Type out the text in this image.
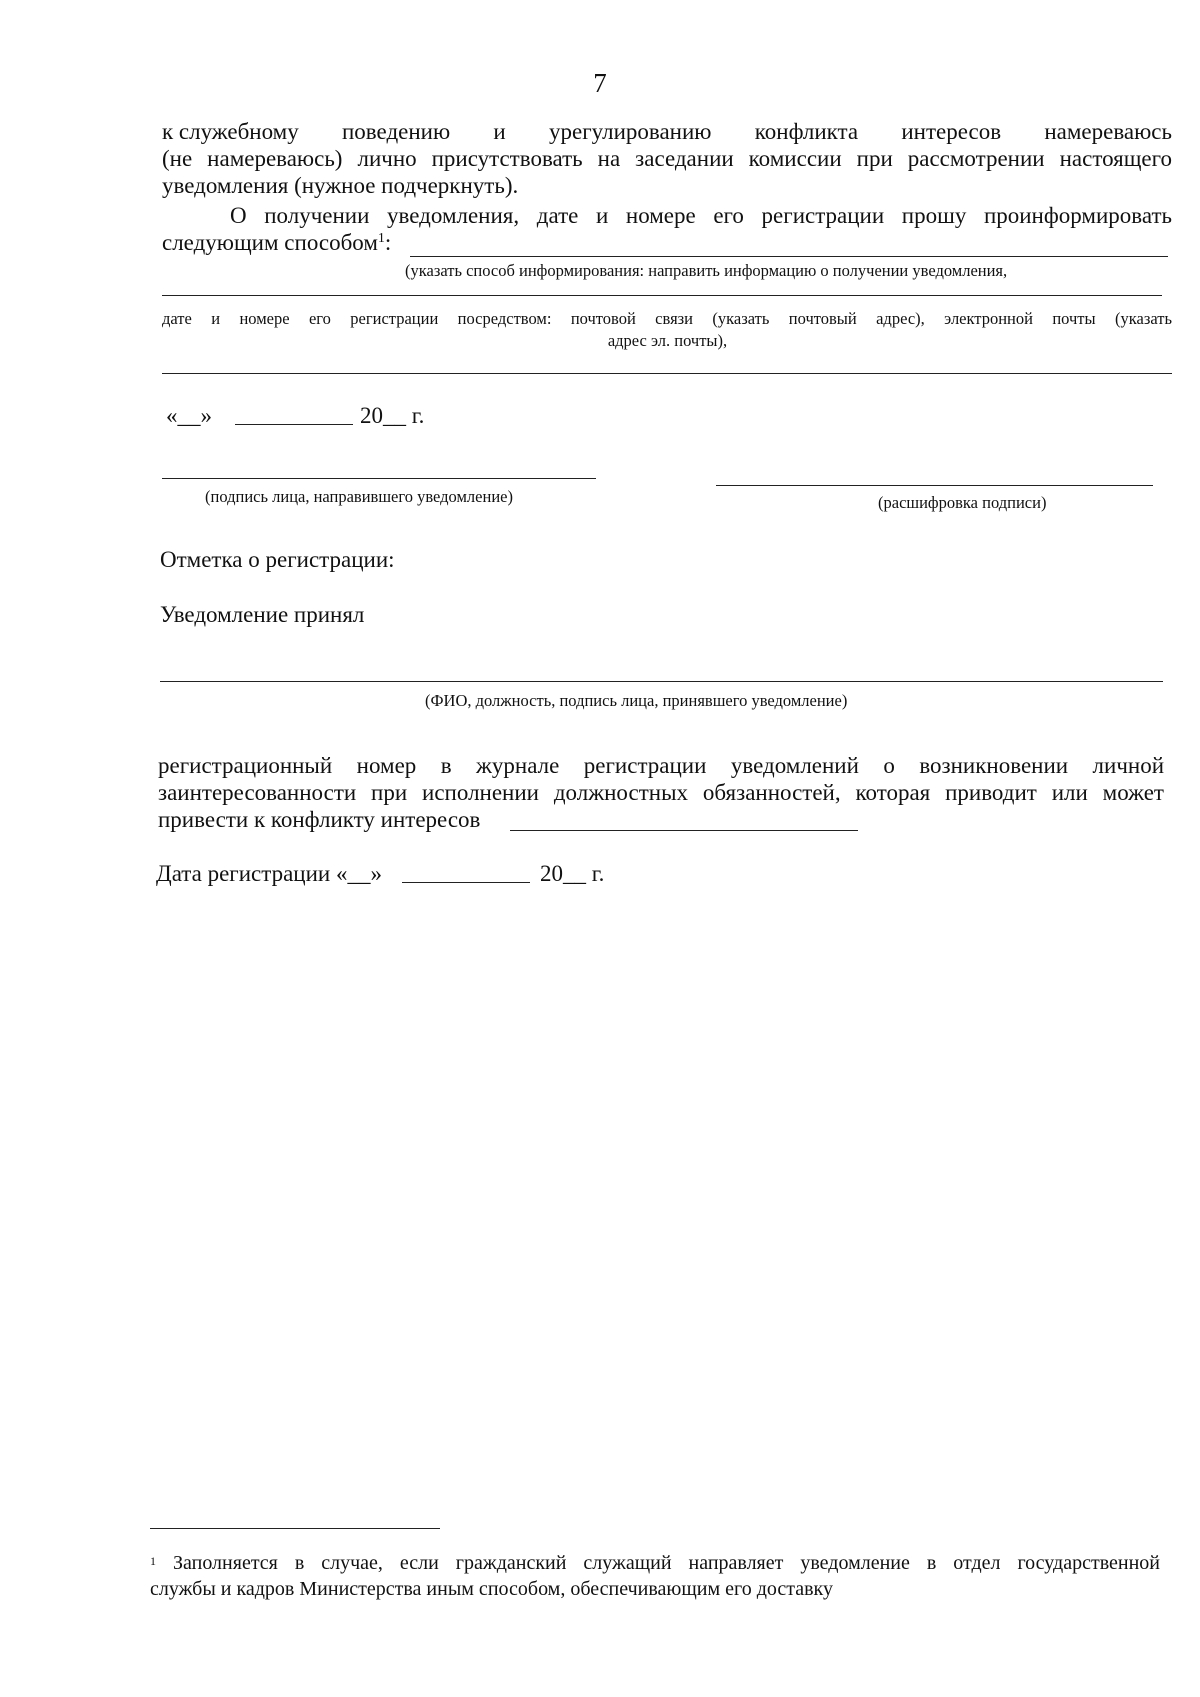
7
к служебному поведению и урегулированию конфликта интересов намереваюсь
(не намереваюсь) лично присутствовать на заседании комиссии при рассмотрении настоящего
уведомления (нужное подчеркнуть).
О получении уведомления, дате и номере его регистрации прошу проинформировать
следующим способом$^1$:
(указать способ информирования: направить информацию о получении уведомления,
дате и номере его регистрации посредством: почтовой связи (указать почтовый адрес), электронной почты (указать
адрес эл. почты),
«__»	20__ г.
(подпись лица, направившего уведомление)	(расшифровка подписи)
Отметка о регистрации:
Уведомление принял
(ФИО, должность, подпись лица, принявшего уведомление)
регистрационный номер в журнале регистрации уведомлений о возникновении личной
заинтересованности при исполнении должностных обязанностей, которая приводит или может
привести к конфликту интересов
Дата регистрации «__»	20__ г.
$^1$ Заполняется в случае, если гражданский служащий направляет уведомление в отдел государственной
службы и кадров Министерства иным способом, обеспечивающим его доставку
